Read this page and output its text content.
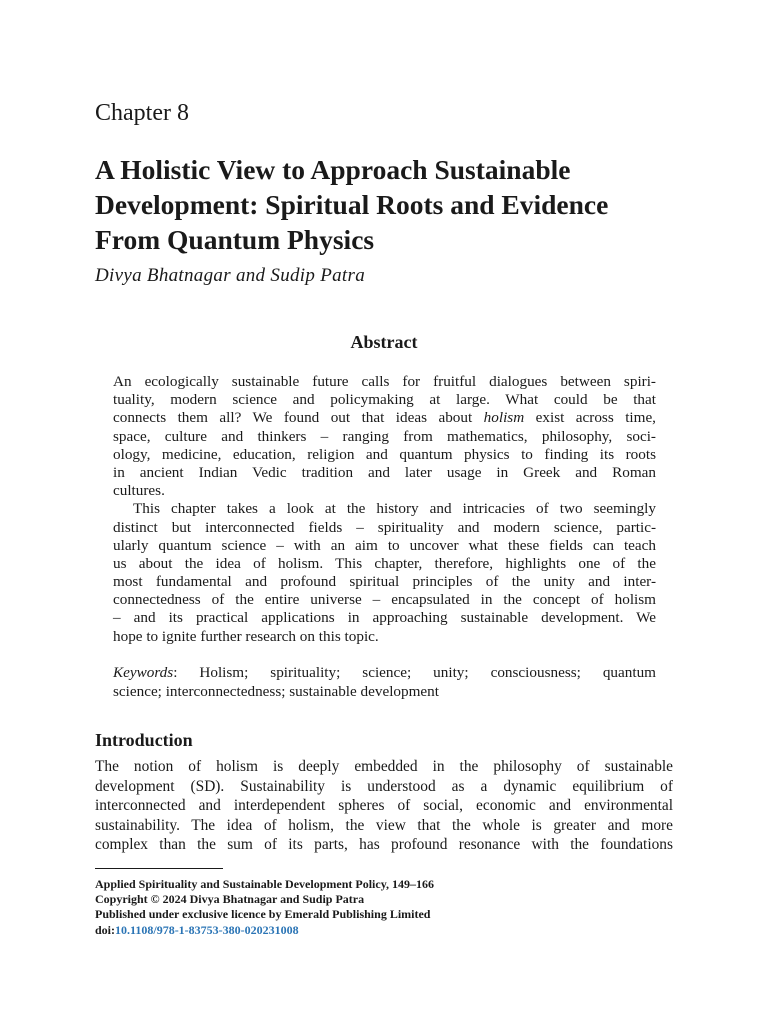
Chapter 8
A Holistic View to Approach Sustainable
Development: Spiritual Roots and Evidence
From Quantum Physics
Divya Bhatnagar and Sudip Patra
Abstract
An ecologically sustainable future calls for fruitful dialogues between spiri-
tuality, modern science and policymaking at large. What could be that
connects them all? We found out that ideas about holism exist across time,
space, culture and thinkers – ranging from mathematics, philosophy, soci-
ology, medicine, education, religion and quantum physics to finding its roots
in ancient Indian Vedic tradition and later usage in Greek and Roman
cultures.
This chapter takes a look at the history and intricacies of two seemingly
distinct but interconnected fields – spirituality and modern science, partic-
ularly quantum science – with an aim to uncover what these fields can teach
us about the idea of holism. This chapter, therefore, highlights one of the
most fundamental and profound spiritual principles of the unity and inter-
connectedness of the entire universe – encapsulated in the concept of holism
– and its practical applications in approaching sustainable development. We
hope to ignite further research on this topic.
Keywords: Holism; spirituality; science; unity; consciousness; quantum
science; interconnectedness; sustainable development
Introduction
The notion of holism is deeply embedded in the philosophy of sustainable
development (SD). Sustainability is understood as a dynamic equilibrium of
interconnected and interdependent spheres of social, economic and environmental
sustainability. The idea of holism, the view that the whole is greater and more
complex than the sum of its parts, has profound resonance with the foundations
Applied Spirituality and Sustainable Development Policy, 149–166
Copyright © 2024 Divya Bhatnagar and Sudip Patra
Published under exclusive licence by Emerald Publishing Limited
doi:10.1108/978-1-83753-380-020231008
